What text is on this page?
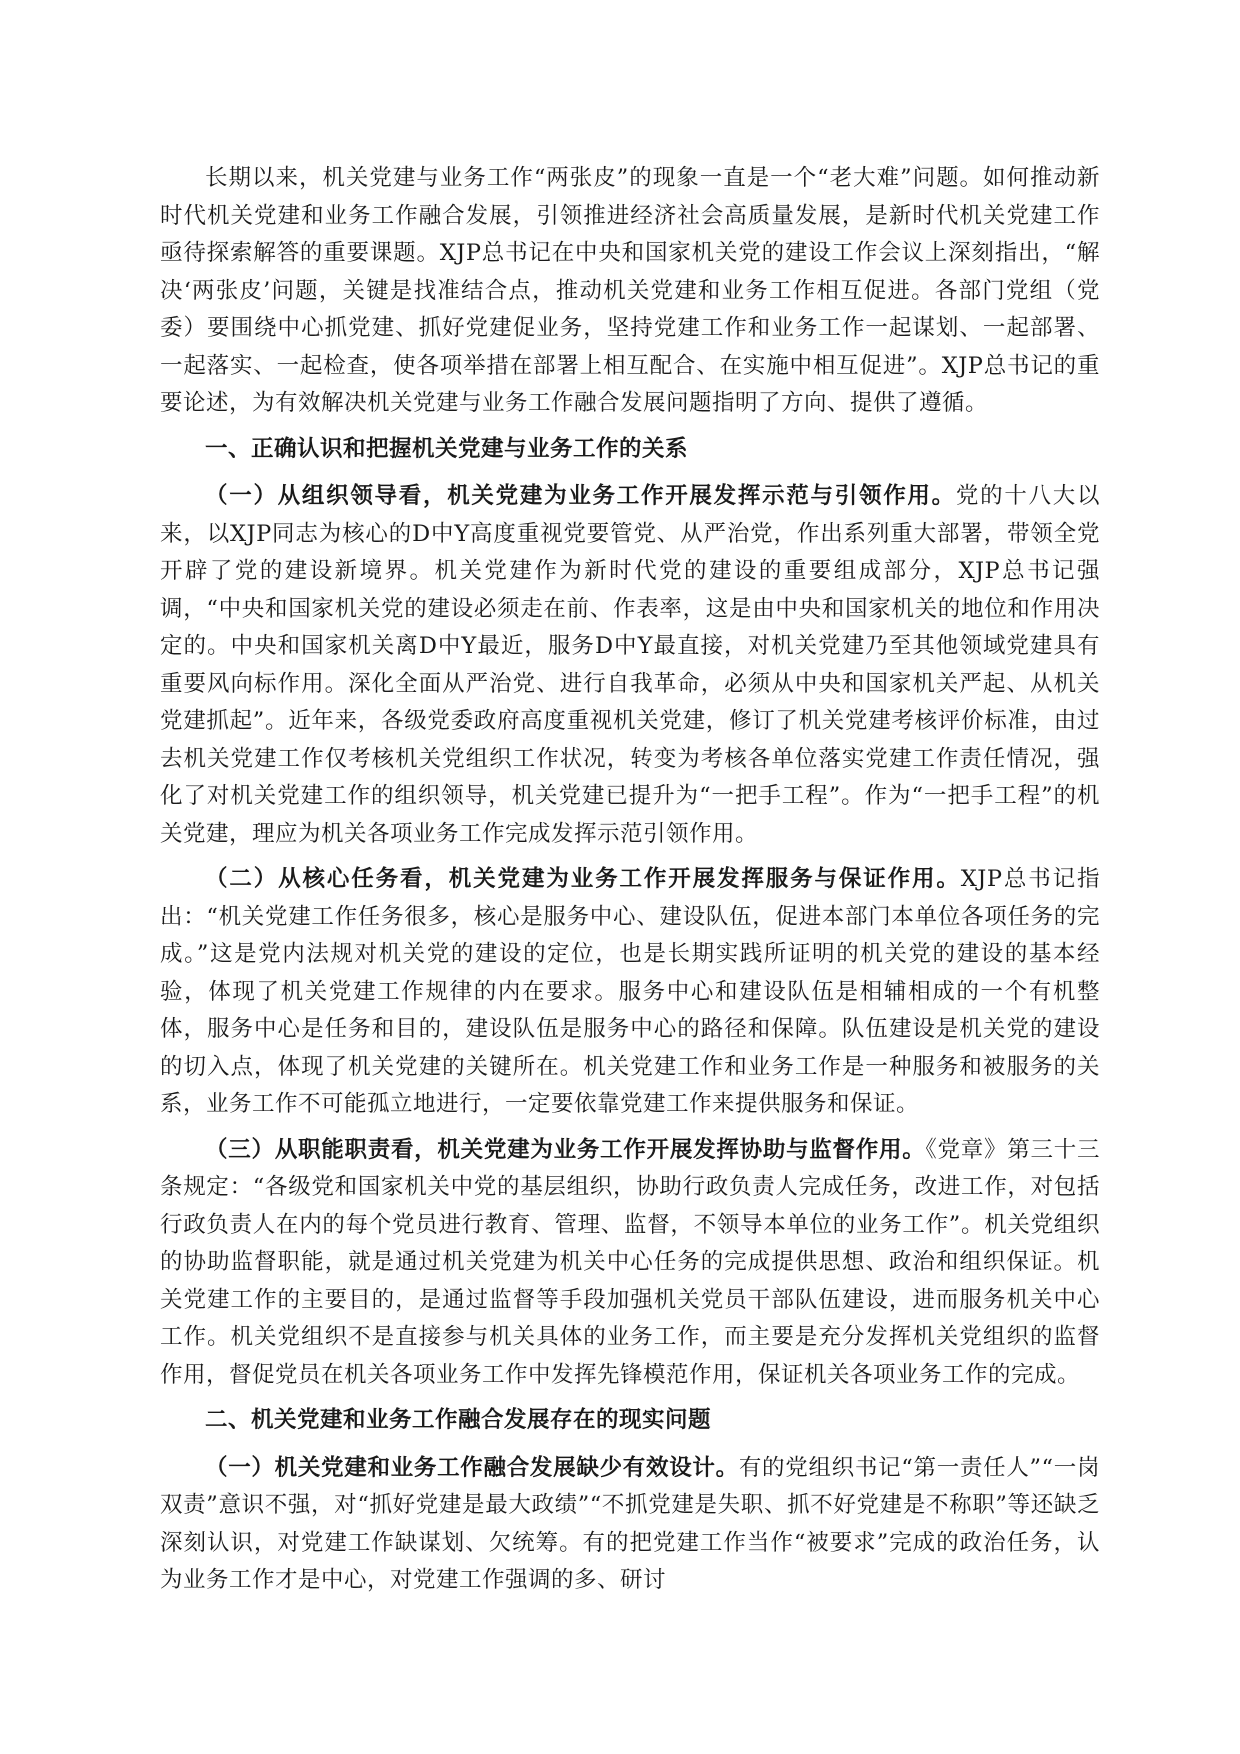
长期以来，机关党建与业务工作“两张皮”的现象一直是一个“老大难”问题。如何推动新时代机关党建和业务工作融合发展，引领推进经济社会高质量发展，是新时代机关党建工作亟待探索解答的重要课题。XJP总书记在中央和国家机关党的建设工作会议上深刻指出，“解决‘两张皮’问题，关键是找准结合点，推动机关党建和业务工作相互促进。各部门党组（党委）要围绕中心抓党建、抓好党建促业务，坚持党建工作和业务工作一起谋划、一起部署、一起落实、一起检查，使各项举措在部署上相互配合、在实施中相互促进”。XJP总书记的重要论述，为有效解决机关党建与业务工作融合发展问题指明了方向、提供了遵循。

一、正确认识和把握机关党建与业务工作的关系

（一）从组织领导看，机关党建为业务工作开展发挥示范与引领作用。党的十八大以来，以XJP同志为核心的D中Y高度重视党要管党、从严治党，作出系列重大部署，带领全党开辟了党的建设新境界。机关党建作为新时代党的建设的重要组成部分，XJP总书记强调，“中央和国家机关党的建设必须走在前、作表率，这是由中央和国家机关的地位和作用决定的。中央和国家机关离D中Y最近，服务D中Y最直接，对机关党建乃至其他领域党建具有重要风向标作用。深化全面从严治党、进行自我革命，必须从中央和国家机关严起、从机关党建抓起”。近年来，各级党委政府高度重视机关党建，修订了机关党建考核评价标准，由过去机关党建工作仅考核机关党组织工作状况，转变为考核各单位落实党建工作责任情况，强化了对机关党建工作的组织领导，机关党建已提升为“一把手工程”。作为“一把手工程”的机关党建，理应为机关各项业务工作完成发挥示范引领作用。

（二）从核心任务看，机关党建为业务工作开展发挥服务与保证作用。XJP总书记指出：“机关党建工作任务很多，核心是服务中心、建设队伍，促进本部门本单位各项任务的完成。”这是党内法规对机关党的建设的定位，也是长期实践所证明的机关党的建设的基本经验，体现了机关党建工作规律的内在要求。服务中心和建设队伍是相辅相成的一个有机整体，服务中心是任务和目的，建设队伍是服务中心的路径和保障。队伍建设是机关党的建设的切入点，体现了机关党建的关键所在。机关党建工作和业务工作是一种服务和被服务的关系，业务工作不可能孤立地进行，一定要依靠党建工作来提供服务和保证。

（三）从职能职责看，机关党建为业务工作开展发挥协助与监督作用。《党章》第三十三条规定：“各级党和国家机关中党的基层组织，协助行政负责人完成任务，改进工作，对包括行政负责人在内的每个党员进行教育、管理、监督，不领导本单位的业务工作”。机关党组织的协助监督职能，就是通过机关党建为机关中心任务的完成提供思想、政治和组织保证。机关党建工作的主要目的，是通过监督等手段加强机关党员干部队伍建设，进而服务机关中心工作。机关党组织不是直接参与机关具体的业务工作，而主要是充分发挥机关党组织的监督作用，督促党员在机关各项业务工作中发挥先锋模范作用，保证机关各项业务工作的完成。

二、机关党建和业务工作融合发展存在的现实问题

（一）机关党建和业务工作融合发展缺少有效设计。有的党组织书记“第一责任人”“一岗双责”意识不强，对“抓好党建是最大政绩”“不抓党建是失职、抓不好党建是不称职”等还缺乏深刻认识，对党建工作缺谋划、欠统筹。有的把党建工作当作“被要求”完成的政治任务，认为业务工作才是中心，对党建工作强调的多、研讨
